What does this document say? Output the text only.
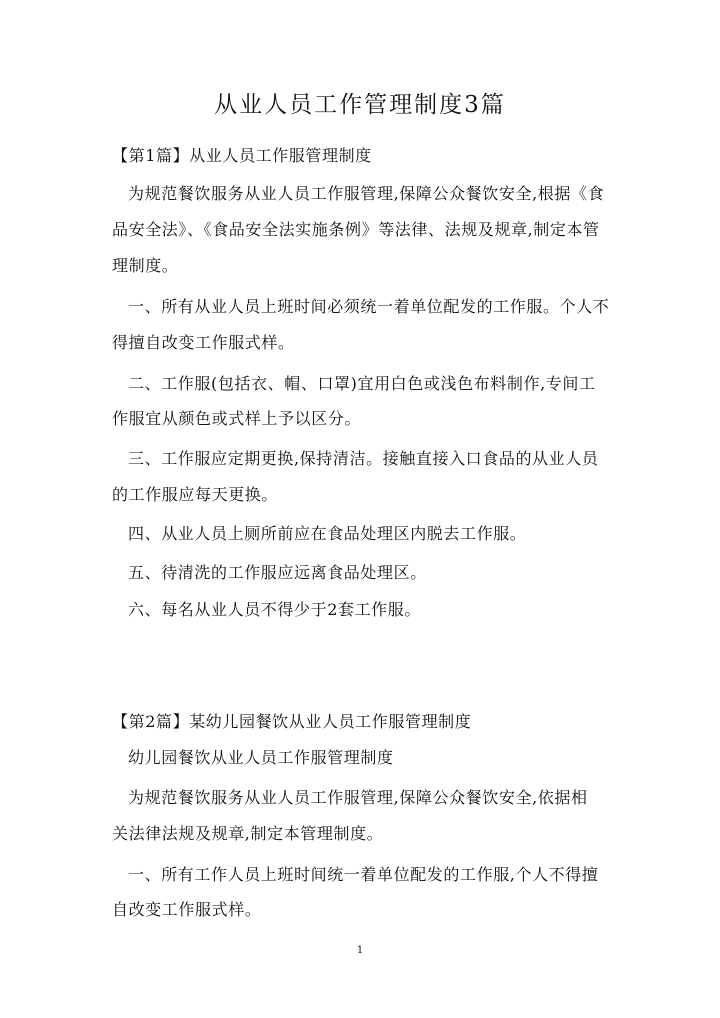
从业人员工作管理制度3篇
【第1篇】从业人员工作服管理制度
为规范餐饮服务从业人员工作服管理,保障公众餐饮安全,根据《食
品安全法》、《食品安全法实施条例》等法律、法规及规章,制定本管
理制度。
一、所有从业人员上班时间必须统一着单位配发的工作服。个人不
得擅自改变工作服式样。
二、工作服(包括衣、帽、口罩)宜用白色或浅色布料制作,专间工
作服宜从颜色或式样上予以区分。
三、工作服应定期更换,保持清洁。接触直接入口食品的从业人员
的工作服应每天更换。
四、从业人员上厕所前应在食品处理区内脱去工作服。
五、待清洗的工作服应远离食品处理区。
六、每名从业人员不得少于2套工作服。
【第2篇】某幼儿园餐饮从业人员工作服管理制度
幼儿园餐饮从业人员工作服管理制度
为规范餐饮服务从业人员工作服管理,保障公众餐饮安全,依据相
关法律法规及规章,制定本管理制度。
一、所有工作人员上班时间统一着单位配发的工作服,个人不得擅
自改变工作服式样。
1
